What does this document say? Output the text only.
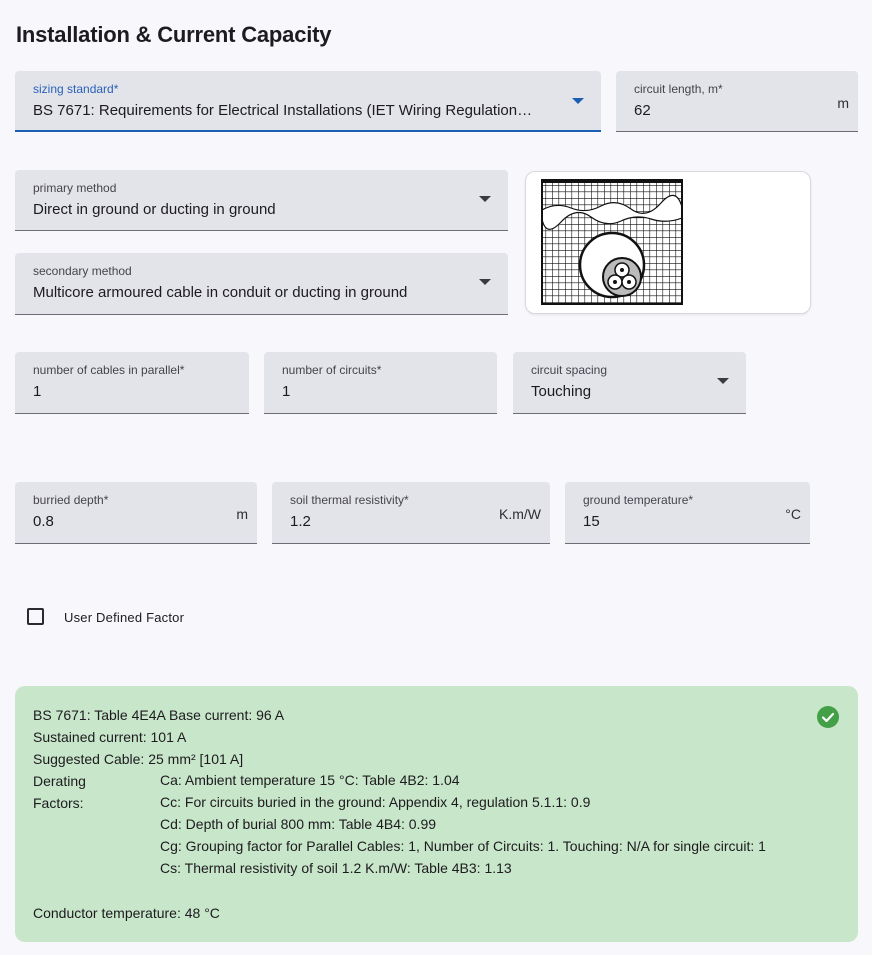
Installation & Current Capacity
sizing standard*
BS 7671: Requirements for Electrical Installations (IET Wiring Regulation…
circuit length, m*
62	m
primary method
Direct in ground or ducting in ground
secondary method
Multicore armoured cable in conduit or ducting in ground
number of cables in parallel*
1
number of circuits*
1
circuit spacing
Touching
burried depth*
0.8	m
soil thermal resistivity*
1.2	K.m/W
ground temperature*
15	°C
User Defined Factor
BS 7671: Table 4E4A Base current: 96 A
Sustained current: 101 A
Suggested Cable: 25 mm² [101 A]
Derating
Factors:
Ca: Ambient temperature 15 °C: Table 4B2: 1.04
Cc: For circuits buried in the ground: Appendix 4, regulation 5.1.1: 0.9
Cd: Depth of burial 800 mm: Table 4B4: 0.99
Cg: Grouping factor for Parallel Cables: 1, Number of Circuits: 1. Touching: N/A for single circuit: 1
Cs: Thermal resistivity of soil 1.2 K.m/W: Table 4B3: 1.13
Conductor temperature: 48 °C
